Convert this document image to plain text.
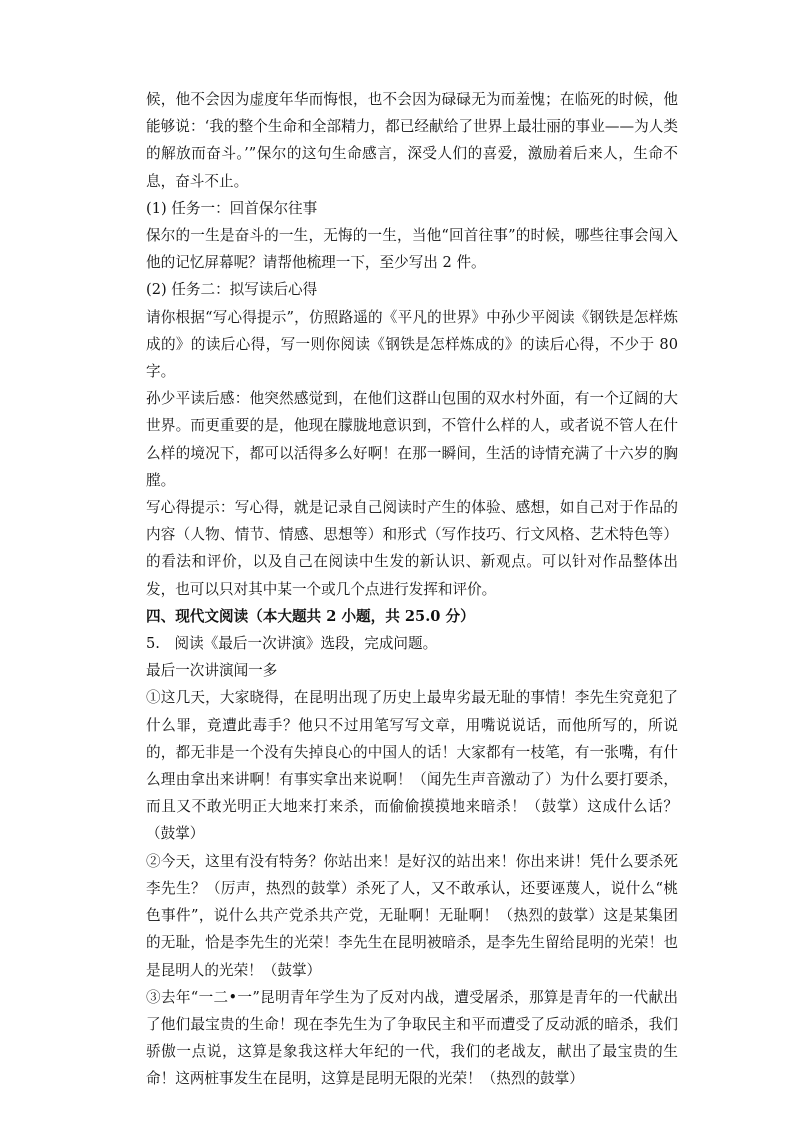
候，他不会因为虚度年华而悔恨，也不会因为碌碌无为而羞愧；在临死的时候，他能够说：‘我的整个生命和全部精力，都已经献给了世界上最壮丽的事业——为人类的解放而奋斗。’”保尔的这句生命感言，深受人们的喜爱，激励着后来人，生命不息，奋斗不止。

(1) 任务一：回首保尔往事

保尔的一生是奋斗的一生，无悔的一生，当他“回首往事”的时候，哪些往事会闯入他的记忆屏幕呢？请帮他梳理一下，至少写出 2 件。

(2) 任务二：拟写读后心得

请你根据“写心得提示”，仿照路遥的《平凡的世界》中孙少平阅读《钢铁是怎样炼成的》的读后心得，写一则你阅读《钢铁是怎样炼成的》的读后心得，不少于 80 字。

孙少平读后感：他突然感觉到，在他们这群山包围的双水村外面，有一个辽阔的大世界。而更重要的是，他现在朦胧地意识到，不管什么样的人，或者说不管人在什么样的境况下，都可以活得多么好啊！在那一瞬间，生活的诗情充满了十六岁的胸膛。

写心得提示：写心得，就是记录自己阅读时产生的体验、感想，如自己对于作品的内容（人物、情节、情感、思想等）和形式（写作技巧、行文风格、艺术特色等）的看法和评价，以及自己在阅读中生发的新认识、新观点。可以针对作品整体出发，也可以只对其中某一个或几个点进行发挥和评价。

四、现代文阅读（本大题共 2 小题，共 25.0 分）

5.　阅读《最后一次讲演》选段，完成问题。

最后一次讲演闻一多

①这几天，大家晓得，在昆明出现了历史上最卑劣最无耻的事情！李先生究竟犯了什么罪，竟遭此毒手？他只不过用笔写写文章，用嘴说说话，而他所写的，所说的，都无非是一个没有失掉良心的中国人的话！大家都有一枝笔，有一张嘴，有什么理由拿出来讲啊！有事实拿出来说啊！（闻先生声音激动了）为什么要打要杀，而且又不敢光明正大地来打来杀，而偷偷摸摸地来暗杀！（鼓掌）这成什么话？（鼓掌）

②今天，这里有没有特务？你站出来！是好汉的站出来！你出来讲！凭什么要杀死李先生？（厉声，热烈的鼓掌）杀死了人，又不敢承认，还要诬蔑人，说什么“桃色事件”，说什么共产党杀共产党，无耻啊！无耻啊！（热烈的鼓掌）这是某集团的无耻，恰是李先生的光荣！李先生在昆明被暗杀，是李先生留给昆明的光荣！也是昆明人的光荣！（鼓掌）

③去年“一二•一”昆明青年学生为了反对内战，遭受屠杀，那算是青年的一代献出了他们最宝贵的生命！现在李先生为了争取民主和平而遭受了反动派的暗杀，我们骄傲一点说，这算是象我这样大年纪的一代，我们的老战友，献出了最宝贵的生命！这两桩事发生在昆明，这算是昆明无限的光荣！（热烈的鼓掌）
